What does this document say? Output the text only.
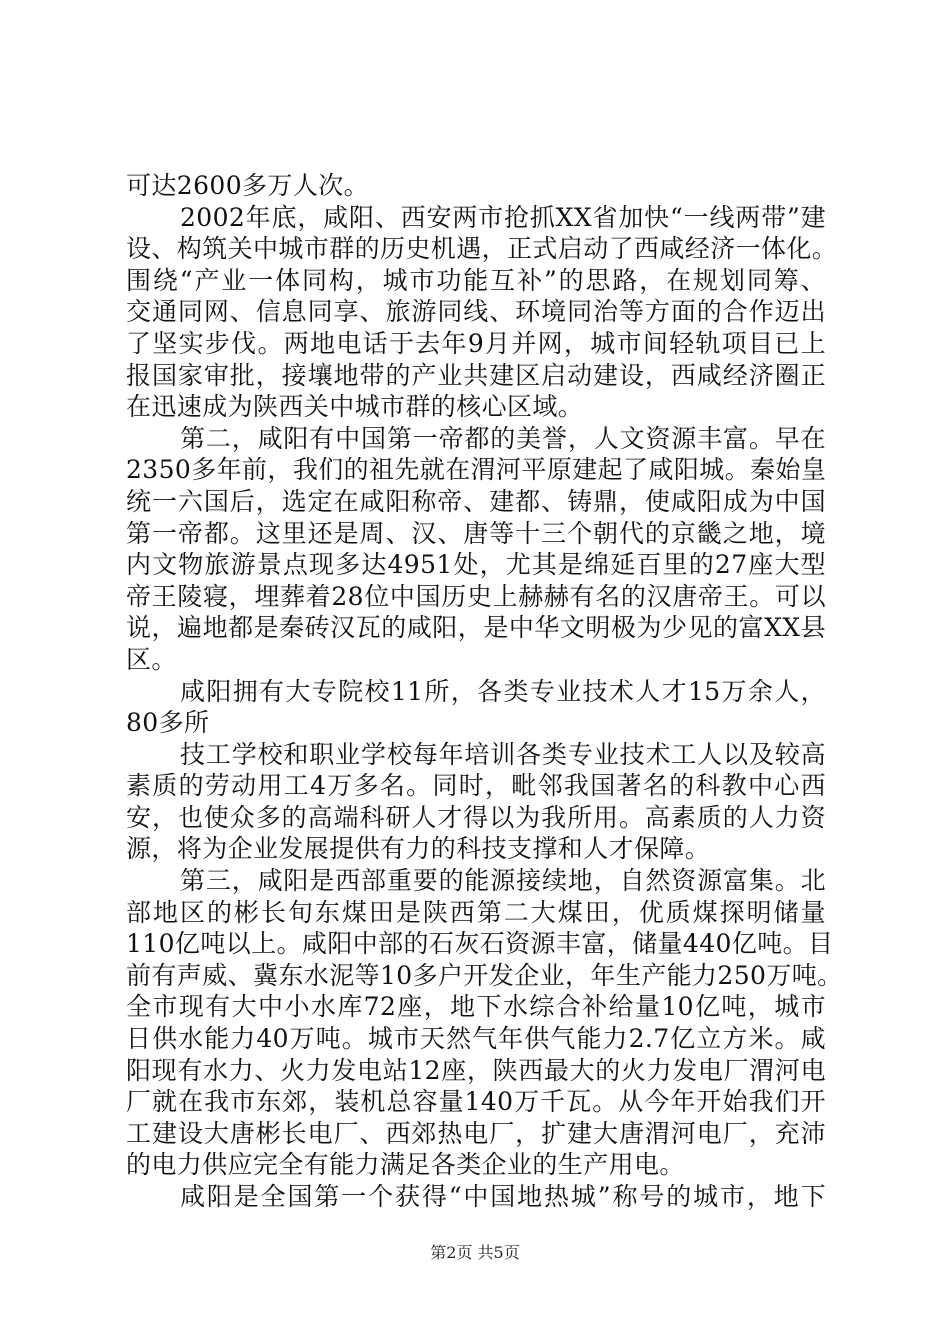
可达2600多万人次。
2002年底，咸阳、西安两市抢抓XX省加快“一线两带”建
设、构筑关中城市群的历史机遇，正式启动了西咸经济一体化。
围绕“产业一体同构，城市功能互补”的思路，在规划同筹、
交通同网、信息同享、旅游同线、环境同治等方面的合作迈出
了坚实步伐。两地电话于去年9月并网，城市间轻轨项目已上
报国家审批，接壤地带的产业共建区启动建设，西咸经济圈正
在迅速成为陕西关中城市群的核心区域。
第二，咸阳有中国第一帝都的美誉，人文资源丰富。早在
2350多年前，我们的祖先就在渭河平原建起了咸阳城。秦始皇
统一六国后，选定在咸阳称帝、建都、铸鼎，使咸阳成为中国
第一帝都。这里还是周、汉、唐等十三个朝代的京畿之地，境
内文物旅游景点现多达4951处，尤其是绵延百里的27座大型
帝王陵寝，埋葬着28位中国历史上赫赫有名的汉唐帝王。可以
说，遍地都是秦砖汉瓦的咸阳，是中华文明极为少见的富XX县
区。
咸阳拥有大专院校11所，各类专业技术人才15万余人，
80多所
技工学校和职业学校每年培训各类专业技术工人以及较高
素质的劳动用工4万多名。同时，毗邻我国著名的科教中心西
安，也使众多的高端科研人才得以为我所用。高素质的人力资
源，将为企业发展提供有力的科技支撑和人才保障。
第三，咸阳是西部重要的能源接续地，自然资源富集。北
部地区的彬长旬东煤田是陕西第二大煤田，优质煤探明储量
110亿吨以上。咸阳中部的石灰石资源丰富，储量440亿吨。目
前有声威、冀东水泥等10多户开发企业，年生产能力250万吨。
全市现有大中小水库72座，地下水综合补给量10亿吨，城市
日供水能力40万吨。城市天然气年供气能力2.7亿立方米。咸
阳现有水力、火力发电站12座，陕西最大的火力发电厂渭河电
厂就在我市东郊，装机总容量140万千瓦。从今年开始我们开
工建设大唐彬长电厂、西郊热电厂，扩建大唐渭河电厂，充沛
的电力供应完全有能力满足各类企业的生产用电。
咸阳是全国第一个获得“中国地热城”称号的城市，地下
第2页 共5页
